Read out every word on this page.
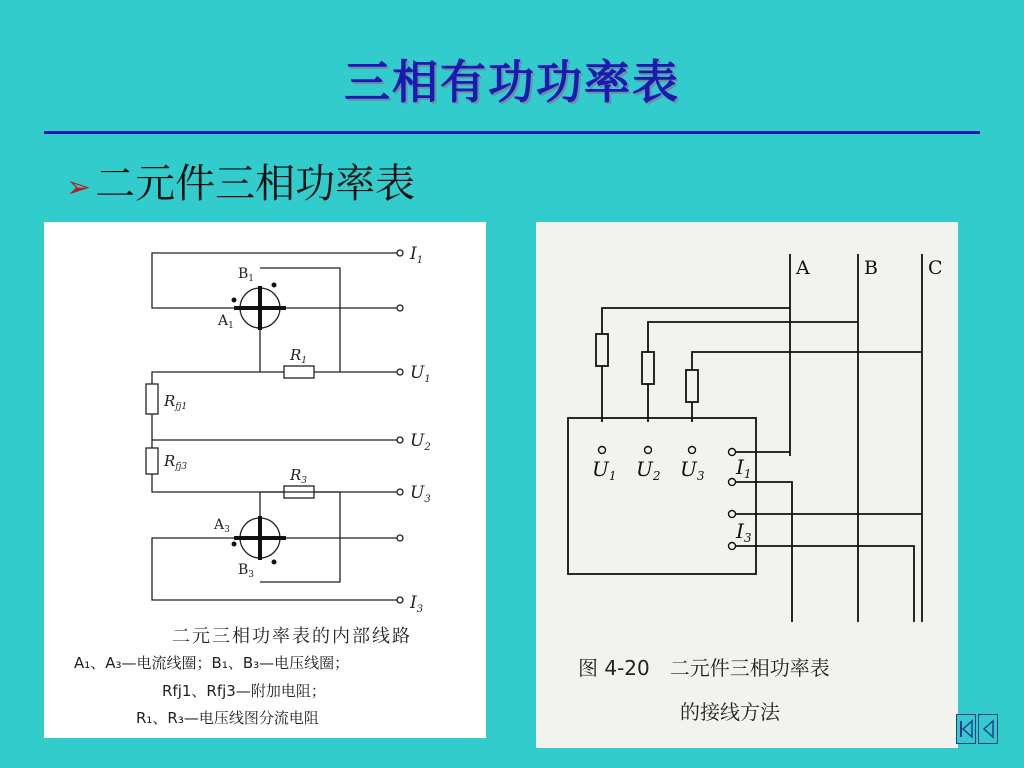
三相有功功率表
➢ 二元件三相功率表
$I_1$
$U_1$
$U_2$
$U_3$
$I_3$
$B_1$
$A_1$
$A_3$
$B_3$
$R_1$
$R_3$
$R_{fj1}$
$R_{fj3}$
二元三相功率表的内部线路
A₁、A₃—电流线圈；B₁、B₃—电压线圈；
Rfj1、Rfj3—附加电阻；
R₁、R₃—电压线图分流电阻
A	B	C
$U_1$ $U_2$ $U_3$ $I_1$
$I_3$
图 4-20　二元件三相功率表
的接线方法
